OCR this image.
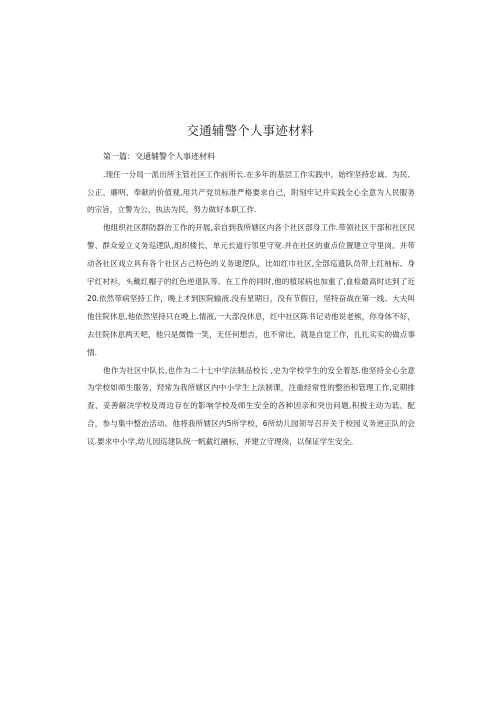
交通辅警个人事迹材料
第一篇：交通辅警个人事迹材料

.现任一分局一派出所主管社区工作前所长.在多年的基层工作实践中，始终坚持忠诚、为民、公正、廉明、奉献的价值观,用共产党员标准严格要求自己，附刻牢记并实践全心全意为人民服务的宗旨，立警为公、执法为民，努力做好本职工作.

他组织社区群防群治工作的开展,亲自到我所辖区内各个社区部身工作.带领社区干部和社区民警、群众爱立义务巡逻队,组织楼长、单元长道行邻里守宽.并在社区的重点位置建立守里岗。并带动各社区戏立具有各个社区占己特色的义务逮逻队，比如红巾社区,全部巡遗队员带上红袖标、身宇红衬衫，头戴红帽子的红色逆退队等。在工作的同时,他的植尿病也加重了,血检最高时达到了近20.依然带病坚持工作，晚上才到医院输液.没有星期日，没有节假日，坚特奋战在第一线。大夫叫他住院休息,他依然坚持只在晚上.情液,一大部没休息，红中社区陈书记劝他说老熊，你身体不好，去住院休息两天吧，他只是微微一笑，无任何想吉，也不常比，就是自觉工作，扎扎实实的做点事情.

他作为社区中队长,也作为二十七中学法制品校长 ,史为学校学生的安全着怒.他坚持全心全意为学校如师生服务，羟常为我所辖区内中小学生上法制课，注重经常性的整治和管理工作,定期排查、妥善解决学校及周边存在的影响学校及师生安全的各种因亲和突出问题,积极主动为诋、配合，参与集中整治活动。他将我所辖区内5所学校，6所幼儿园领导召开关于校园义务逆正队的会议.要求中小学,幼儿园巡建队统一帆截红融标，并建立守理岗，以保证学生安全。
